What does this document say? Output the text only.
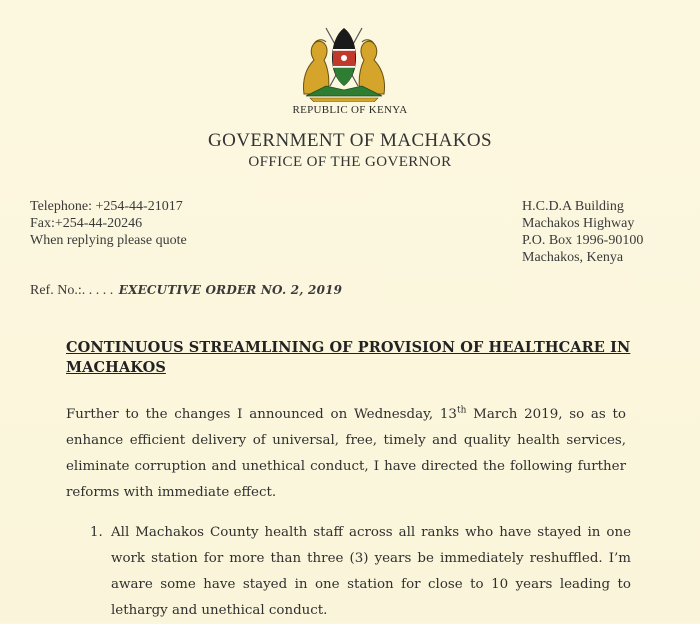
REPUBLIC OF KENYA
GOVERNMENT OF MACHAKOS
OFFICE OF THE GOVERNOR
Telephone: +254-44-21017
Fax:+254-44-20246
When replying please quote
H.C.D.A Building
Machakos Highway
P.O. Box 1996-90100
Machakos, Kenya
Ref. No.:. . . . . EXECUTIVE ORDER NO. 2, 2019
CONTINUOUS STREAMLINING OF PROVISION OF HEALTHCARE IN MACHAKOS
Further to the changes I announced on Wednesday, 13th March 2019, so as to enhance efficient delivery of universal, free, timely and quality health services, eliminate corruption and unethical conduct, I have directed the following further reforms with immediate effect.
1. All Machakos County health staff across all ranks who have stayed in one work station for more than three (3) years be immediately reshuffled. I’m aware some have stayed in one station for close to 10 years leading to lethargy and unethical conduct.
